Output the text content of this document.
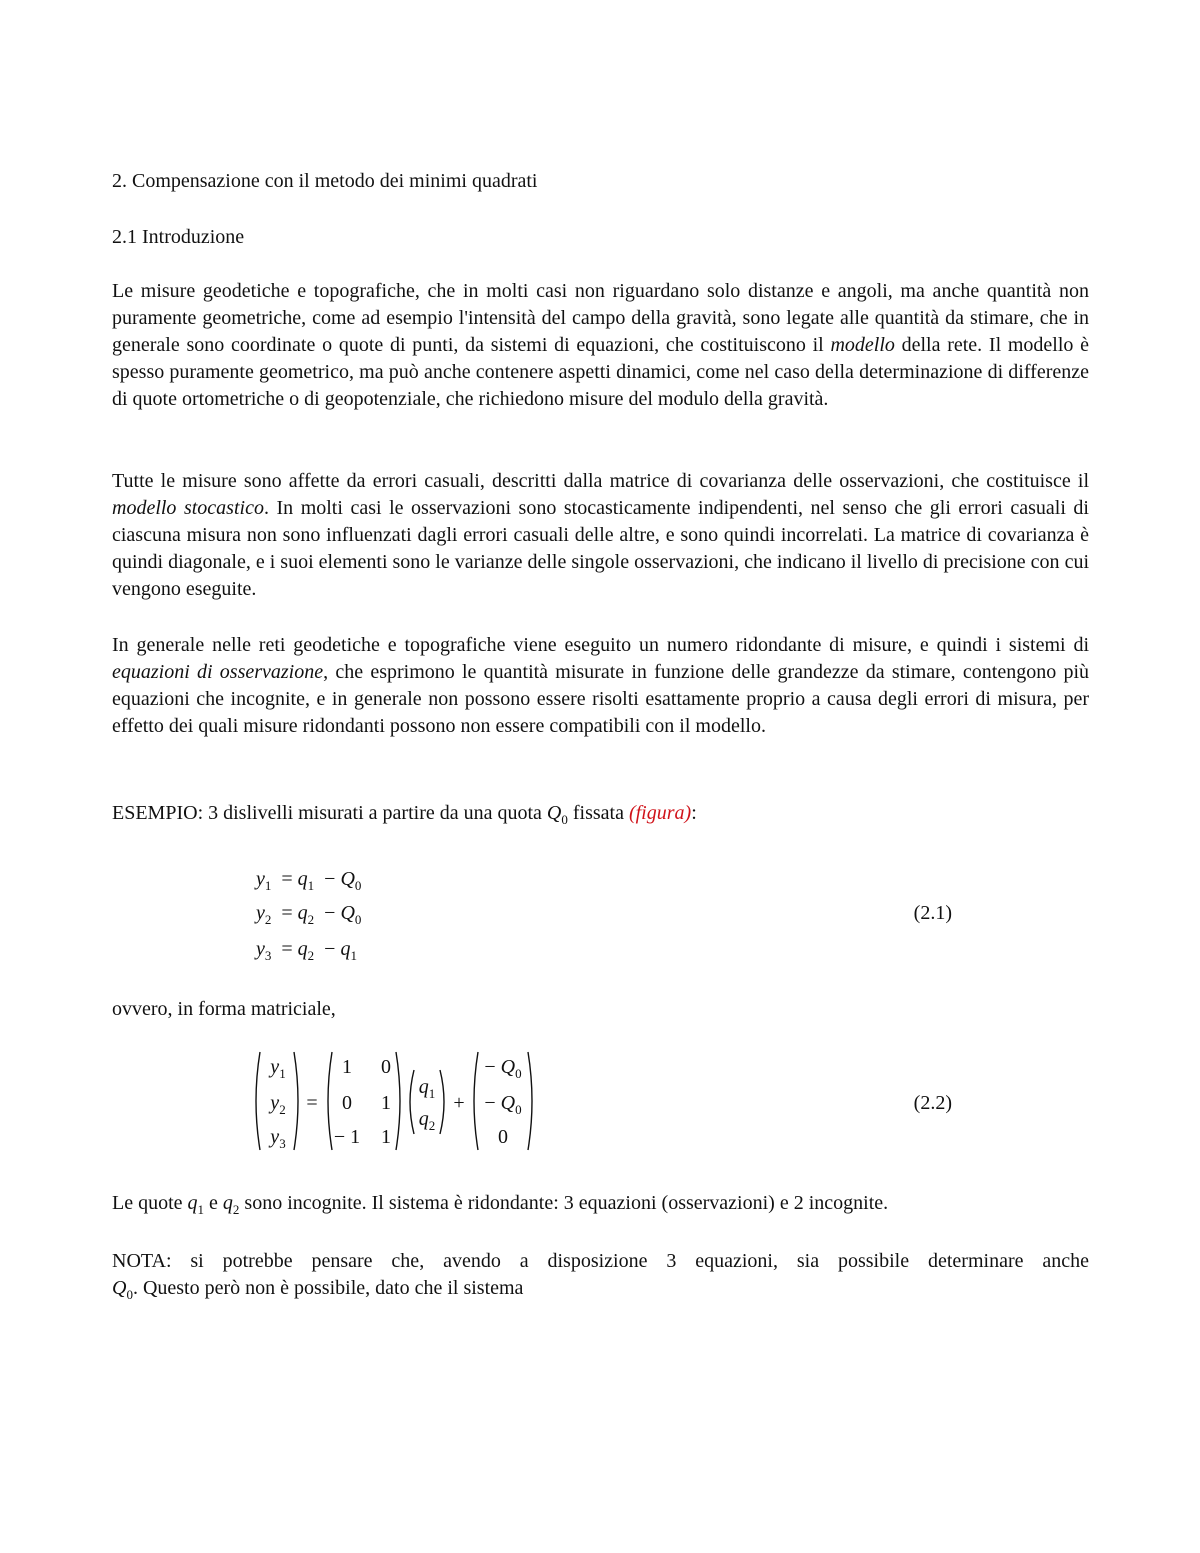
2. Compensazione con il metodo dei minimi quadrati
2.1 Introduzione
Le misure geodetiche e topografiche, che in molti casi non riguardano solo distanze e angoli, ma anche quantità non puramente geometriche, come ad esempio l'intensità del campo della gravità, sono legate alle quantità da stimare, che in generale sono coordinate o quote di punti, da sistemi di equazioni, che costituiscono il modello della rete. Il modello è spesso puramente geometrico, ma può anche contenere aspetti dinamici, come nel caso della determinazione di differenze di quote ortometriche o di geopotenziale, che richiedono misure del modulo della gravità.
Tutte le misure sono affette da errori casuali, descritti dalla matrice di covarianza delle osservazioni, che costituisce il modello stocastico. In molti casi le osservazioni sono stocasticamente indipendenti, nel senso che gli errori casuali di ciascuna misura non sono influenzati dagli errori casuali delle altre, e sono quindi incorrelati. La matrice di covarianza è quindi diagonale, e i suoi elementi sono le varianze delle singole osservazioni, che indicano il livello di precisione con cui vengono eseguite.
In generale nelle reti geodetiche e topografiche viene eseguito un numero ridondante di misure, e quindi i sistemi di equazioni di osservazione, che esprimono le quantità misurate in funzione delle grandezze da stimare, contengono più equazioni che incognite, e in generale non possono essere risolti esattamente proprio a causa degli errori di misura, per effetto dei quali misure ridondanti possono non essere compatibili con il modello.
ESEMPIO: 3 dislivelli misurati a partire da una quota $Q_0$ fissata (figura):
$y_1 = q_1 - Q_0$
$y_2 = q_2 - Q_0$
$y_3 = q_2 - q_1$
(2.1)
ovvero, in forma matriciale,
$y_1$
$y_2$
$y_3$
=
1	0
0	1
− 1 1
$q_1$
$q_2$
+
− $Q_0$
− $Q_0$
0
(2.2)
Le quote $q_1$ e $q_2$ sono incognite. Il sistema è ridondante: 3 equazioni (osservazioni) e 2 incognite.
NOTA: si potrebbe pensare che, avendo a disposizione 3 equazioni, sia possibile determinare anche
$Q_0$. Questo però non è possibile, dato che il sistema
